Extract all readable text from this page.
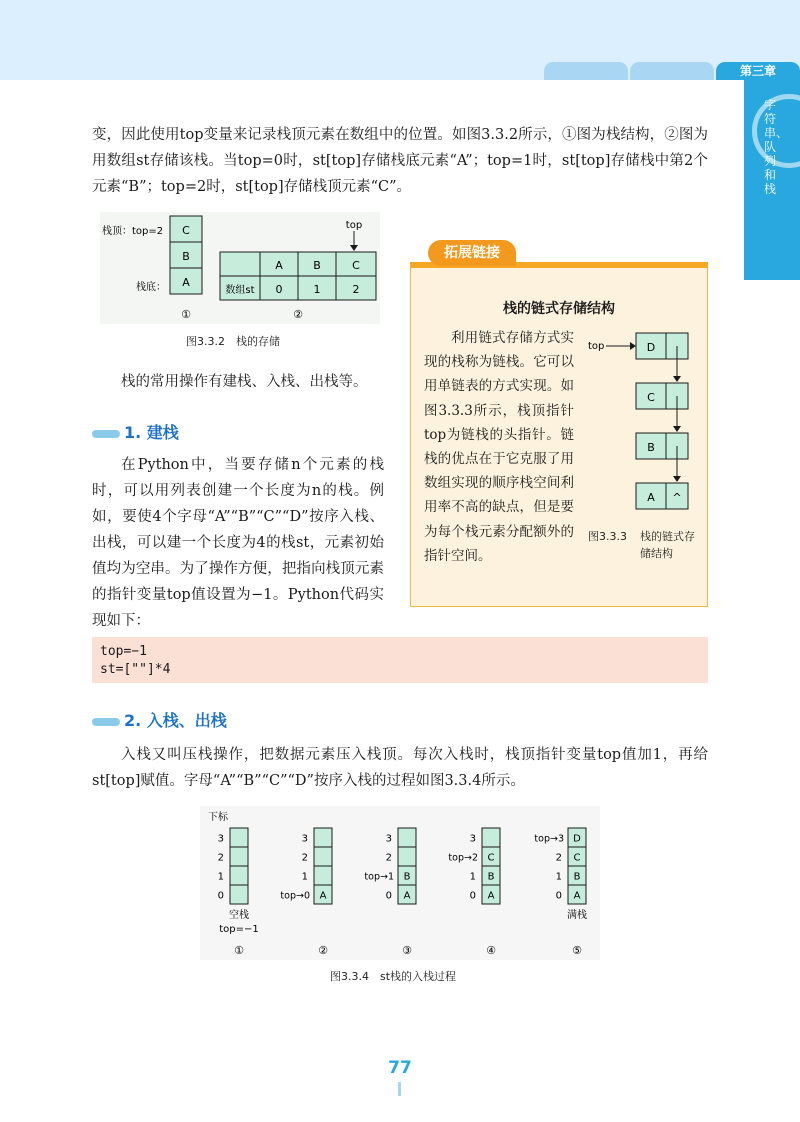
第三章
字符串、队列和栈

变，因此使用top变量来记录栈顶元素在数组中的位置。如图3.3.2所示，①图为栈结构，②图为用数组st存储该栈。当top=0时，st[top]存储栈底元素“A”；top=1时，st[top]存储栈中第2个元素“B”；top=2时，st[top]存储栈顶元素“C”。

栈顶：top=2
栈底：
C
B
A
①
top
A	B	C
数组st 0	1	2
②
图3.3.2　栈的存储

栈的常用操作有建栈、入栈、出栈等。

1. 建栈

在Python中，当要存储n个元素的栈时，可以用列表创建一个长度为n的栈。例如，要使4个字母“A”“B”“C”“D”按序入栈、出栈，可以建一个长度为4的栈st，元素初始值均为空串。为了操作方便，把指向栈顶元素的指针变量top值设置为−1。Python代码实现如下：

拓展链接
栈的链式存储结构

利用链式存储方式实现的栈称为链栈。它可以用单链表的方式实现。如图3.3.3所示，栈顶指针top为链栈的头指针。链栈的优点在于它克服了用数组实现的顺序栈空间利用率不高的缺点，但是要为每个栈元素分配额外的指针空间。

top	D
C
B
A ^
图3.3.3 栈的链式存储结构
top=−1
st=[""]*4
2. 入栈、出栈

入栈又叫压栈操作，把数据元素压入栈顶。每次入栈时，栈顶指针变量top值加1，再给st[top]赋值。字母“A”“B”“C”“D”按序入栈的过程如图3.3.4所示。

下标
3
2
1
0
空栈
top=−1
①
3
2
1
A
top→0
②
3
2
B
top→1
A
0
③
3
C
top→2
B
1
A
0
④
D
top→3
C
2
B
1
A
0
满栈
⑤
图3.3.4　st栈的入栈过程
77
